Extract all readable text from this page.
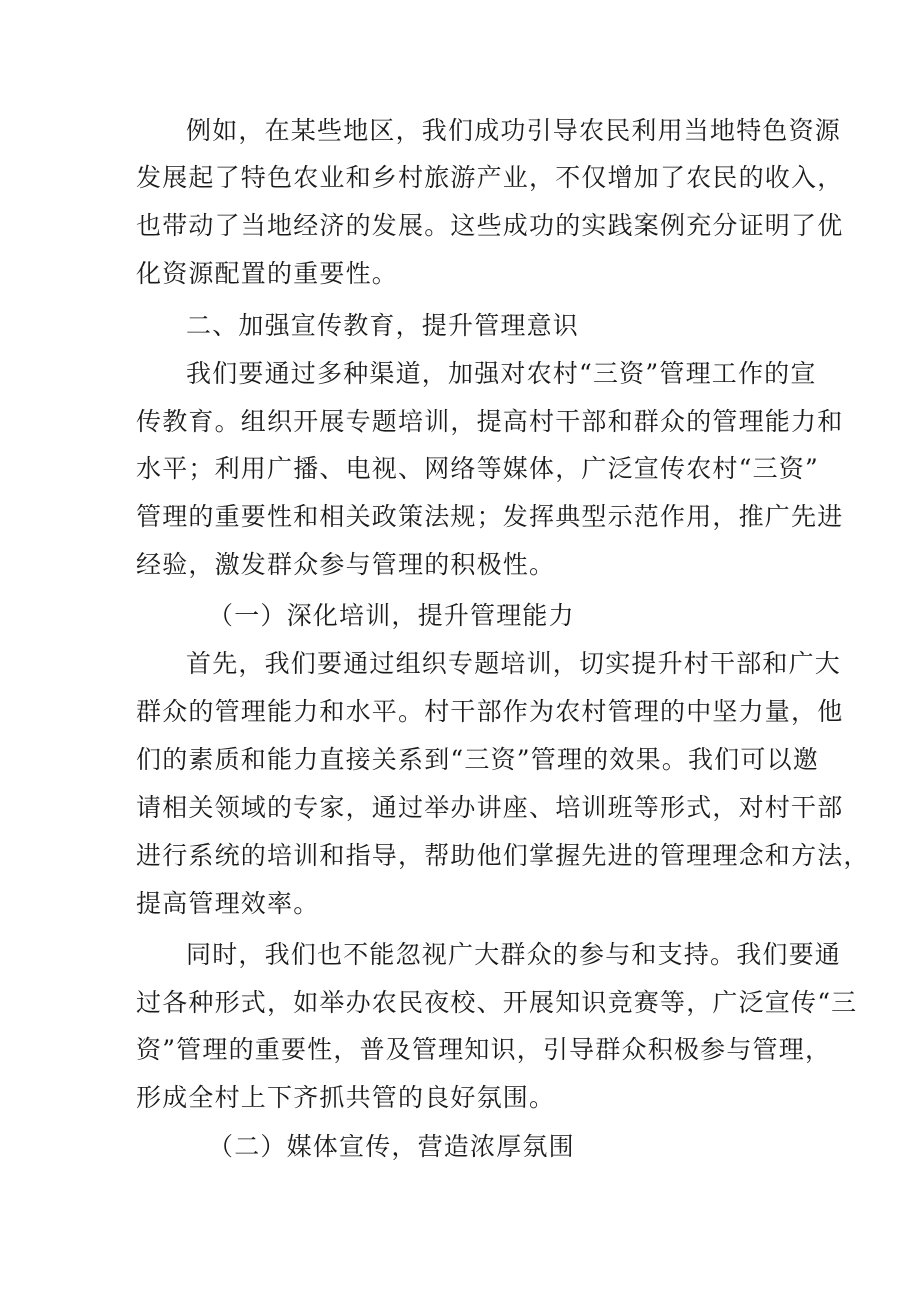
例如，在某些地区，我们成功引导农民利用当地特色资源
发展起了特色农业和乡村旅游产业，不仅增加了农民的收入，
也带动了当地经济的发展。这些成功的实践案例充分证明了优
化资源配置的重要性。
二、加强宣传教育，提升管理意识
我们要通过多种渠道，加强对农村“三资”管理工作的宣
传教育。组织开展专题培训，提高村干部和群众的管理能力和
水平；利用广播、电视、网络等媒体，广泛宣传农村“三资”
管理的重要性和相关政策法规；发挥典型示范作用，推广先进
经验，激发群众参与管理的积极性。
（一）深化培训，提升管理能力
首先，我们要通过组织专题培训，切实提升村干部和广大
群众的管理能力和水平。村干部作为农村管理的中坚力量，他
们的素质和能力直接关系到“三资”管理的效果。我们可以邀
请相关领域的专家，通过举办讲座、培训班等形式，对村干部
进行系统的培训和指导，帮助他们掌握先进的管理理念和方法，
提高管理效率。
同时，我们也不能忽视广大群众的参与和支持。我们要通
过各种形式，如举办农民夜校、开展知识竞赛等，广泛宣传“三
资”管理的重要性，普及管理知识，引导群众积极参与管理，
形成全村上下齐抓共管的良好氛围。
（二）媒体宣传，营造浓厚氛围
